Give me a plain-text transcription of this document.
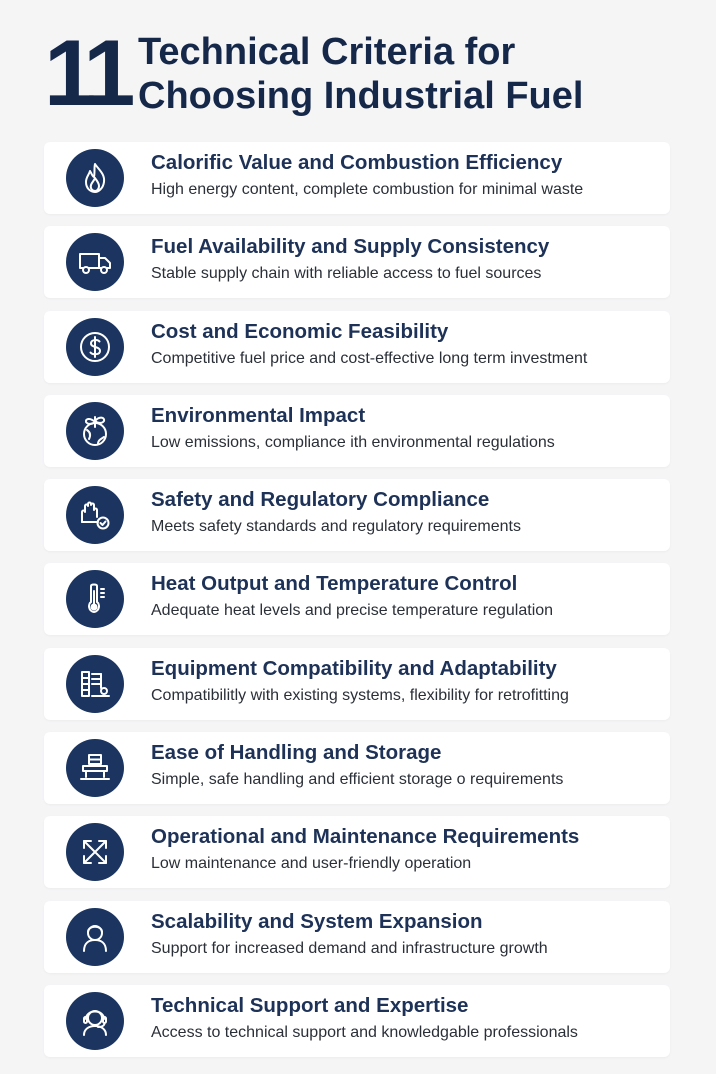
11 Technical Criteria for
Choosing Industrial Fuel
Calorific Value and Combustion Efficiency
High energy content, complete combustion for minimal waste
Fuel Availability and Supply Consistency
Stable supply chain with reliable access to fuel sources
Cost and Economic Feasibility
Competitive fuel price and cost-effective long term investment
Environmental Impact
Low emissions, compliance ith environmental regulations
Safety and Regulatory Compliance
Meets safety standards and regulatory requirements
Heat Output and Temperature Control
Adequate heat levels and precise temperature regulation
Equipment Compatibility and Adaptability
Compatibilitly with existing systems, flexibility for retrofitting
Ease of Handling and Storage
Simple, safe handling and efficient storage o requirements
Operational and Maintenance Requirements
Low maintenance and user-friendly operation
Scalability and System Expansion
Support for increased demand and infrastructure growth
Technical Support and Expertise
Access to technical support and knowledgable professionals
